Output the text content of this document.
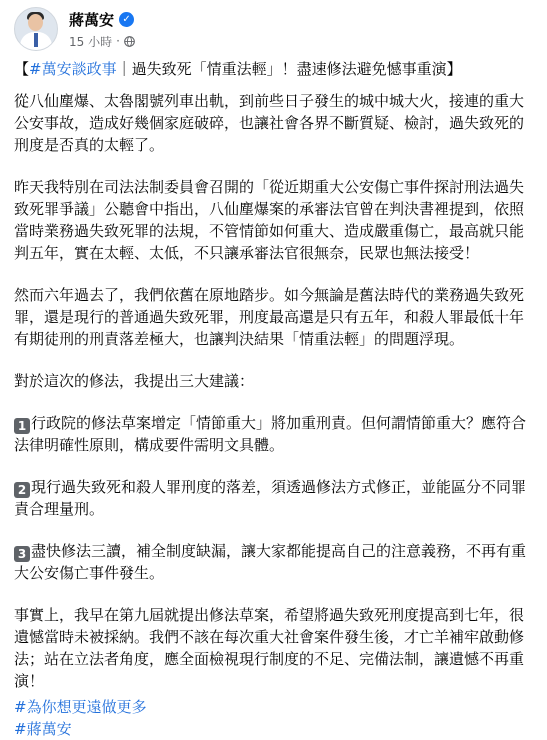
蔣萬安 ✓
15 小時 ·

【#萬安談政事｜過失致死「情重法輕」！盡速修法避免憾事重演】

從八仙塵爆、太魯閣號列車出軌，到前些日子發生的城中城大火，接連的重大公安事故，造成好幾個家庭破碎，也讓社會各界不斷質疑、檢討，過失致死的刑度是否真的太輕了。

昨天我特別在司法法制委員會召開的「從近期重大公安傷亡事件探討刑法過失致死罪爭議」公聽會中指出，八仙塵爆案的承審法官曾在判決書裡提到，依照當時業務過失致死罪的法規，不管情節如何重大、造成嚴重傷亡，最高就只能判五年，實在太輕、太低，不只讓承審法官很無奈，民眾也無法接受！

然而六年過去了，我們依舊在原地踏步。如今無論是舊法時代的業務過失致死罪，還是現行的普通過失致死罪，刑度最高還是只有五年，和殺人罪最低十年有期徒刑的刑責落差極大，也讓判決結果「情重法輕」的問題浮現。

對於這次的修法，我提出三大建議：

1 行政院的修法草案增定「情節重大」將加重刑責。但何謂情節重大？應符合法律明確性原則，構成要件需明文具體。

2 現行過失致死和殺人罪刑度的落差，須透過修法方式修正，並能區分不同罪責合理量刑。

3 盡快修法三讀，補全制度缺漏，讓大家都能提高自己的注意義務，不再有重大公安傷亡事件發生。

事實上，我早在第九屆就提出修法草案，希望將過失致死刑度提高到七年，很遺憾當時未被採納。我們不該在每次重大社會案件發生後，才亡羊補牢啟動修法；站在立法者角度，應全面檢視現行制度的不足、完備法制，讓遺憾不再重演！

#為你想更遠做更多
#蔣萬安
